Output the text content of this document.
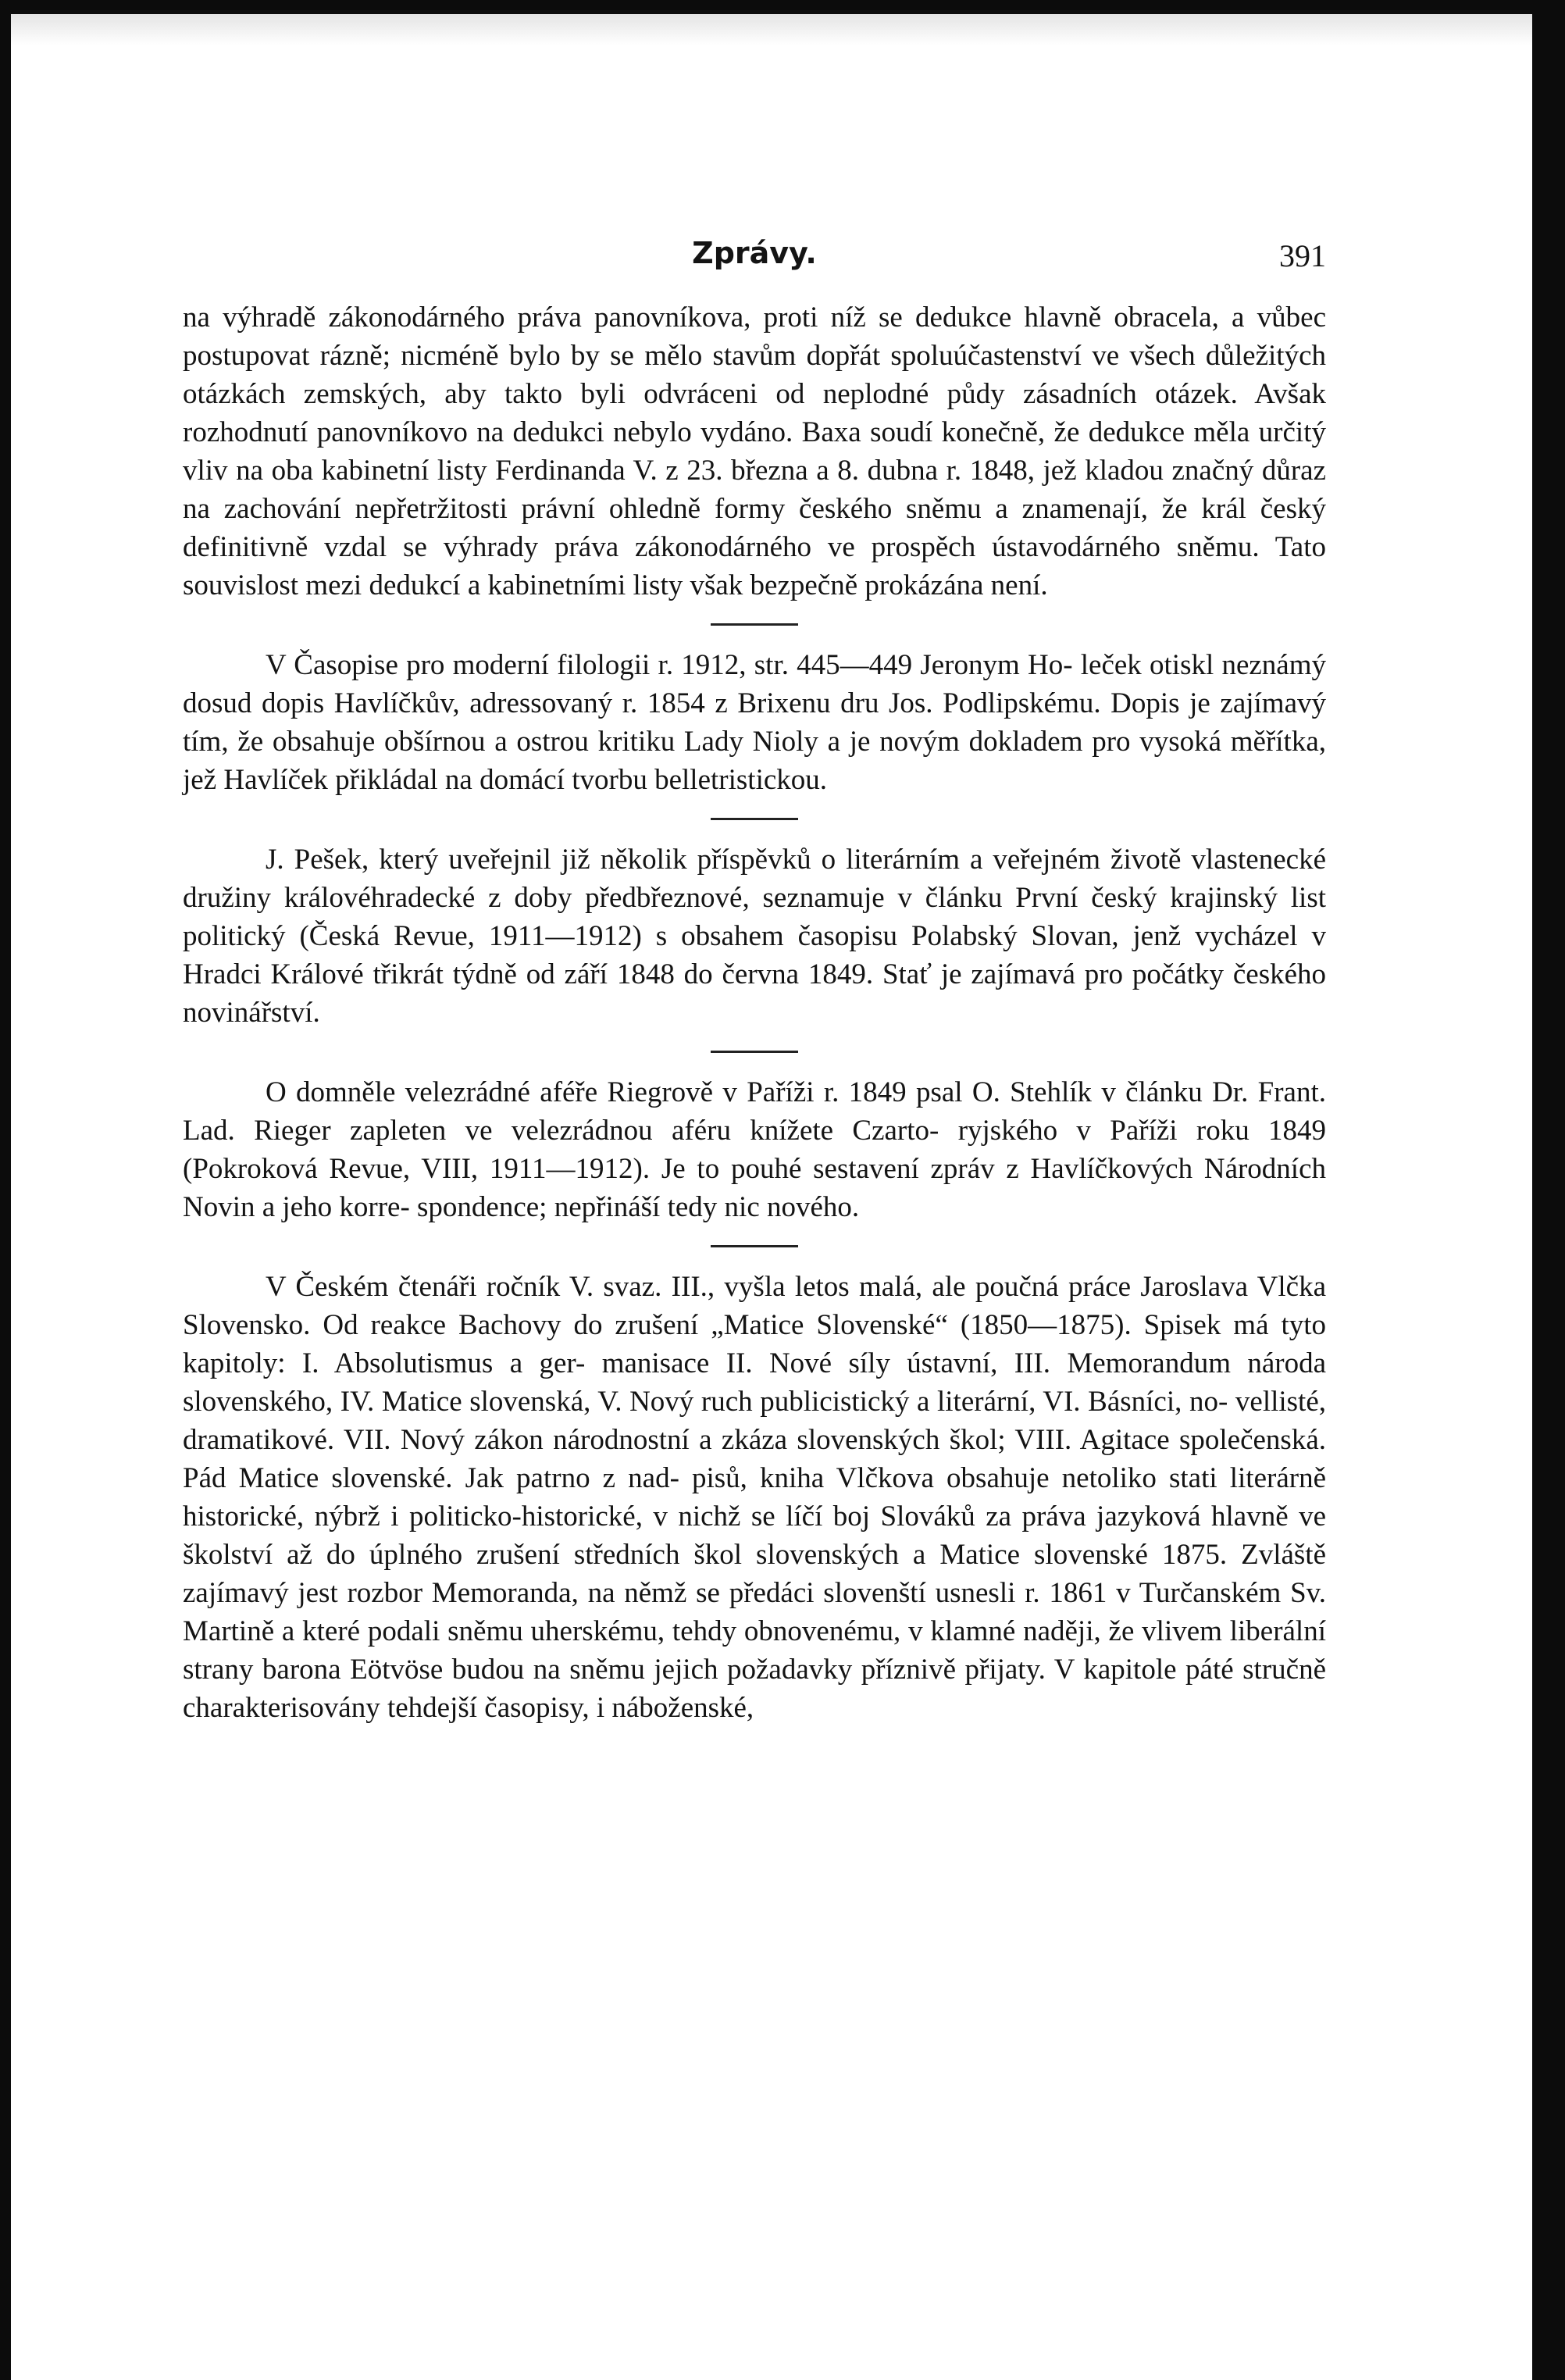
Zprávy.	391

na výhradě zákonodárného práva panovníkova, proti níž se dedukce hlavně obracela, a vůbec postupovat rázně; nicméně bylo by se mělo stavům dopřát spoluúčastenství ve všech důležitých otázkách zemských, aby takto byli odvráceni od neplodné půdy zásadních otázek. Avšak rozhodnutí panovníkovo na dedukci nebylo vydáno. Baxa soudí konečně, že dedukce měla určitý vliv na oba kabinetní listy Ferdinanda V. z 23. března a 8. dubna r. 1848, jež kladou značný důraz na zachování nepřetržitosti právní ohledně formy českého sněmu a znamenají, že král český definitivně vzdal se výhrady práva zákonodárného ve prospěch ústavodárného sněmu. Tato souvislost mezi dedukcí a kabinetními listy však bezpečně prokázána není.

V Časopise pro moderní filologii r. 1912, str. 445—449 Jeronym Ho- leček otiskl neznámý dosud dopis Havlíčkův, adressovaný r. 1854 z Brixenu dru Jos. Podlipskému. Dopis je zajímavý tím, že obsahuje obšírnou a ostrou kritiku Lady Nioly a je novým dokladem pro vysoká měřítka, jež Havlíček přikládal na domácí tvorbu belletristickou.

J. Pešek, který uveřejnil již několik příspěvků o literárním a veřejném životě vlastenecké družiny královéhradecké z doby předbřeznové, seznamuje v článku První český krajinský list politický (Česká Revue, 1911—1912) s obsahem časopisu Polabský Slovan, jenž vycházel v Hradci Králové třikrát týdně od září 1848 do června 1849. Stať je zajímavá pro počátky českého novinářství.

O domněle velezrádné aféře Riegrově v Paříži r. 1849 psal O. Stehlík v článku Dr. Frant. Lad. Rieger zapleten ve velezrádnou aféru knížete Czarto- ryjského v Paříži roku 1849 (Pokroková Revue, VIII, 1911—1912). Je to pouhé sestavení zpráv z Havlíčkových Národních Novin a jeho korre- spondence; nepřináší tedy nic nového.

V Českém čtenáři ročník V. svaz. III., vyšla letos malá, ale poučná práce Jaroslava Vlčka Slovensko. Od reakce Bachovy do zrušení „Matice Slovenské“ (1850—1875). Spisek má tyto kapitoly: I. Absolutismus a ger- manisace II. Nové síly ústavní, III. Memorandum národa slovenského, IV. Matice slovenská, V. Nový ruch publicistický a literární, VI. Básníci, no- vellisté, dramatikové. VII. Nový zákon národnostní a zkáza slovenských škol; VIII. Agitace společenská. Pád Matice slovenské. Jak patrno z nad- pisů, kniha Vlčkova obsahuje netoliko stati literárně historické, nýbrž i politicko-historické, v nichž se líčí boj Slováků za práva jazyková hlavně ve školství až do úplného zrušení středních škol slovenských a Matice slovenské 1875. Zvláště zajímavý jest rozbor Memoranda, na němž se předáci slovenští usnesli r. 1861 v Turčanském Sv. Martině a které podali sněmu uherskému, tehdy obnovenému, v klamné naději, že vlivem liberální strany barona Eötvöse budou na sněmu jejich požadavky příznivě přijaty. V kapitole páté stručně charakterisovány tehdejší časopisy, i náboženské,
